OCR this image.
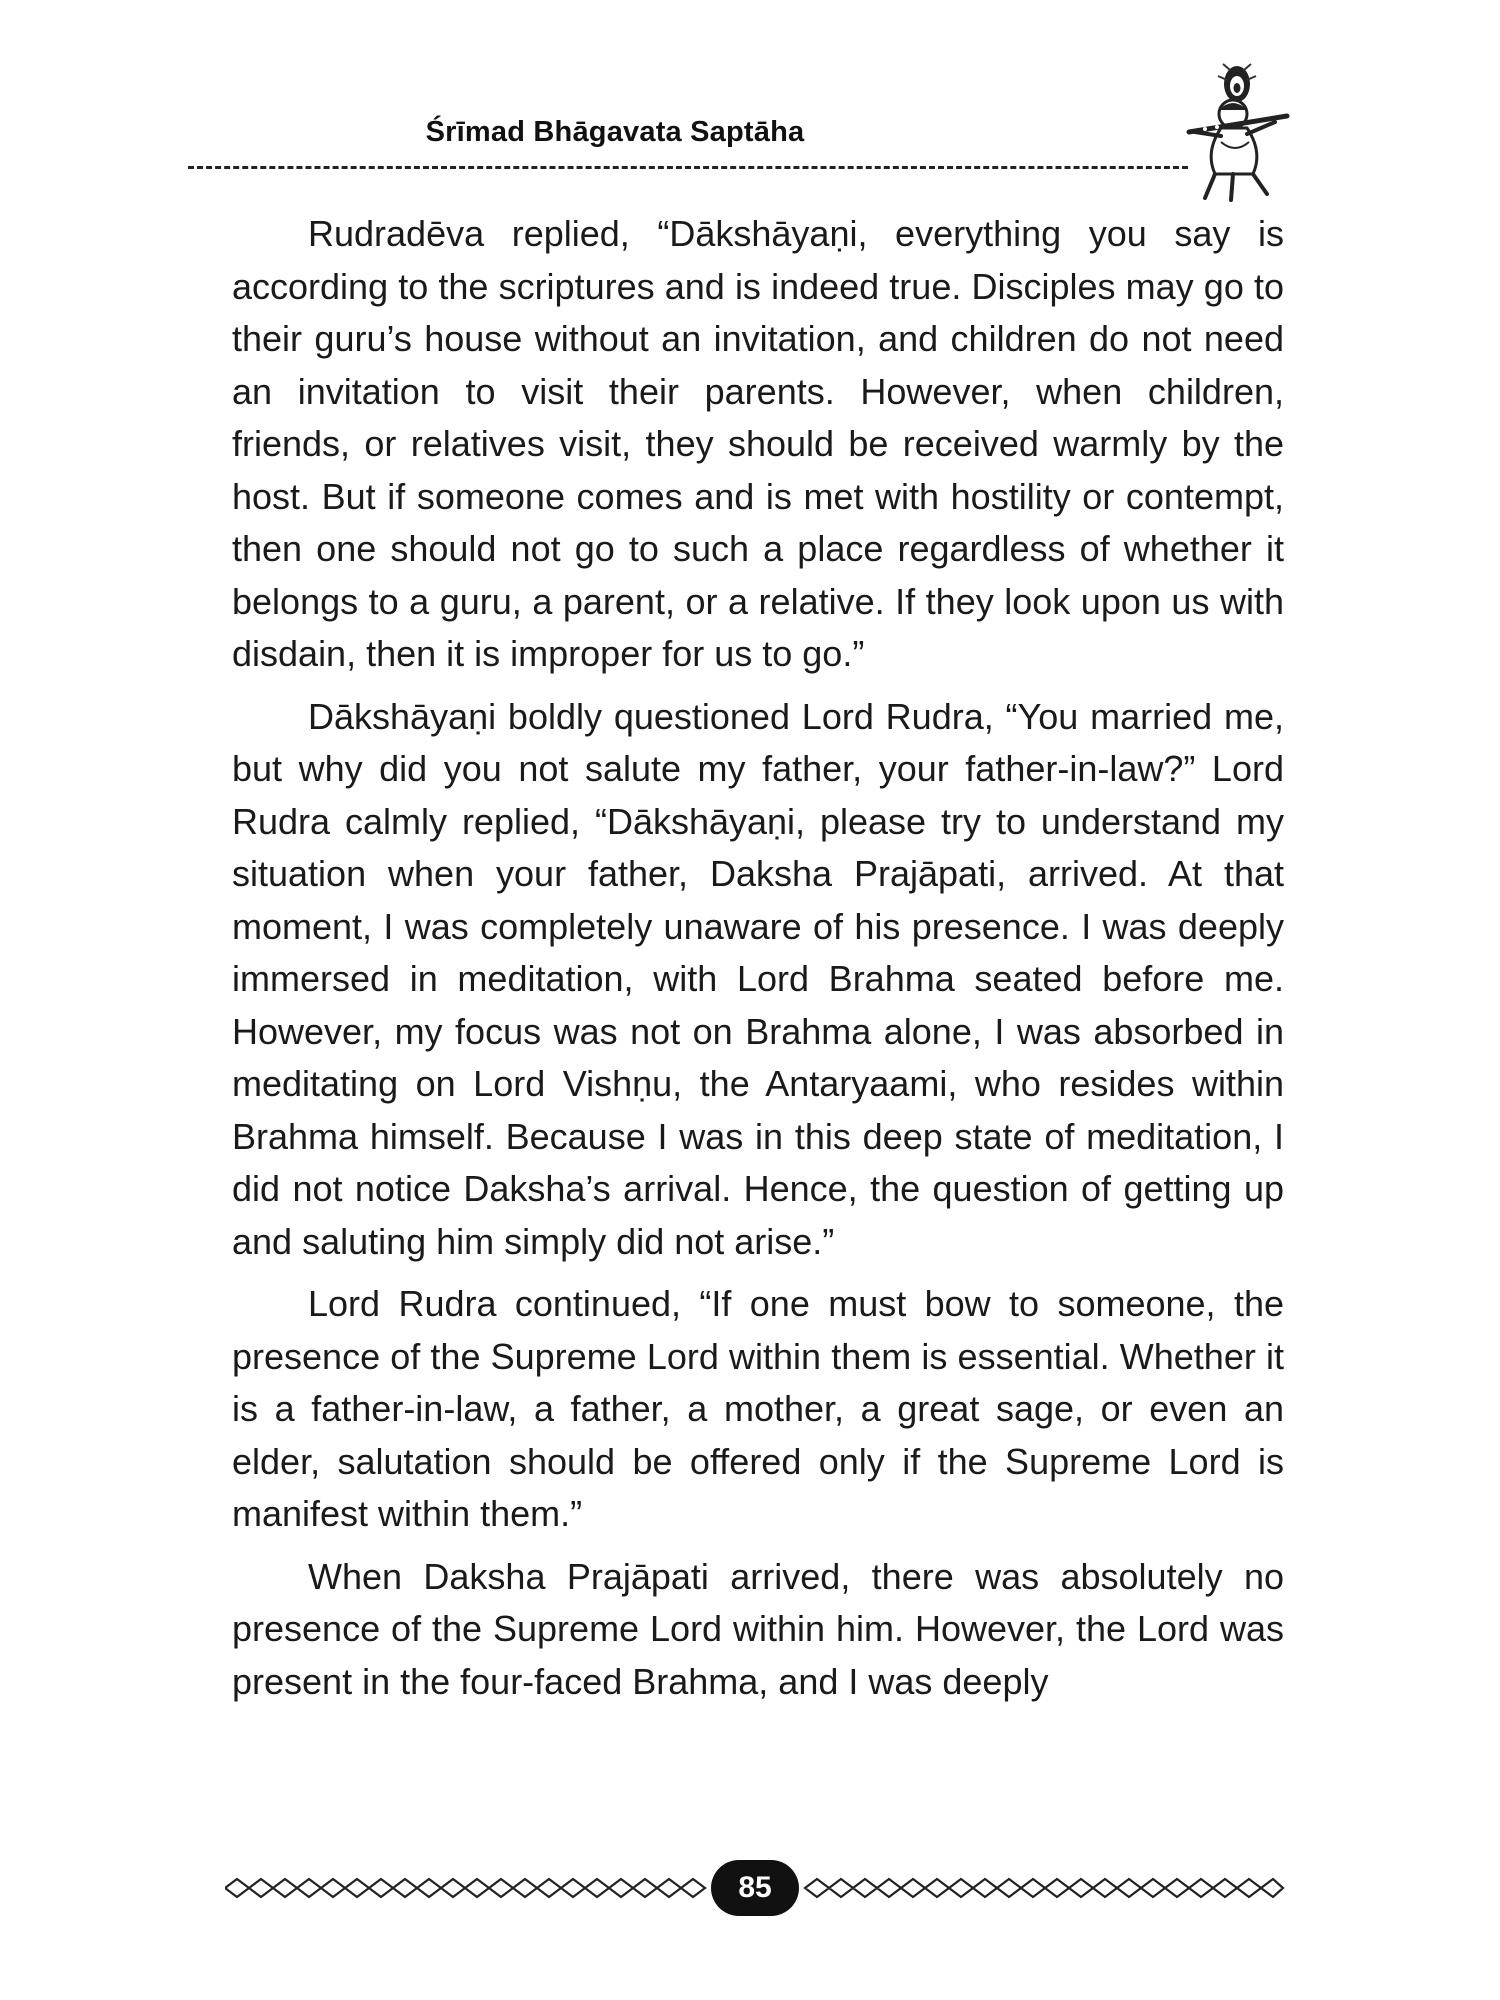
Śrīmad Bhāgavata Saptāha

Rudradēva replied, “Dākshāyaṇi, everything you say is according to the scriptures and is indeed true. Disciples may go to their guru’s house without an invitation, and children do not need an invitation to visit their parents. However, when children, friends, or relatives visit, they should be received warmly by the host. But if someone comes and is met with hostility or contempt, then one should not go to such a place regardless of whether it belongs to a guru, a parent, or a relative. If they look upon us with disdain, then it is improper for us to go.”

Dākshāyaṇi boldly questioned Lord Rudra, “You married me, but why did you not salute my father, your father-in-law?” Lord Rudra calmly replied, “Dākshāyaṇi, please try to understand my situation when your father, Daksha Prajāpati, arrived. At that moment, I was completely unaware of his presence. I was deeply immersed in meditation, with Lord Brahma seated before me. However, my focus was not on Brahma alone, I was absorbed in meditating on Lord Vishṇu, the Antaryaami, who resides within Brahma himself. Because I was in this deep state of meditation, I did not notice Daksha’s arrival. Hence, the question of getting up and saluting him simply did not arise.”

Lord Rudra continued, “If one must bow to someone, the presence of the Supreme Lord within them is essential. Whether it is a father-in-law, a father, a mother, a great sage, or even an elder, salutation should be offered only if the Supreme Lord is manifest within them.”

When Daksha Prajāpati arrived, there was absolutely no presence of the Supreme Lord within him. However, the Lord was present in the four-faced Brahma, and I was deeply

85
